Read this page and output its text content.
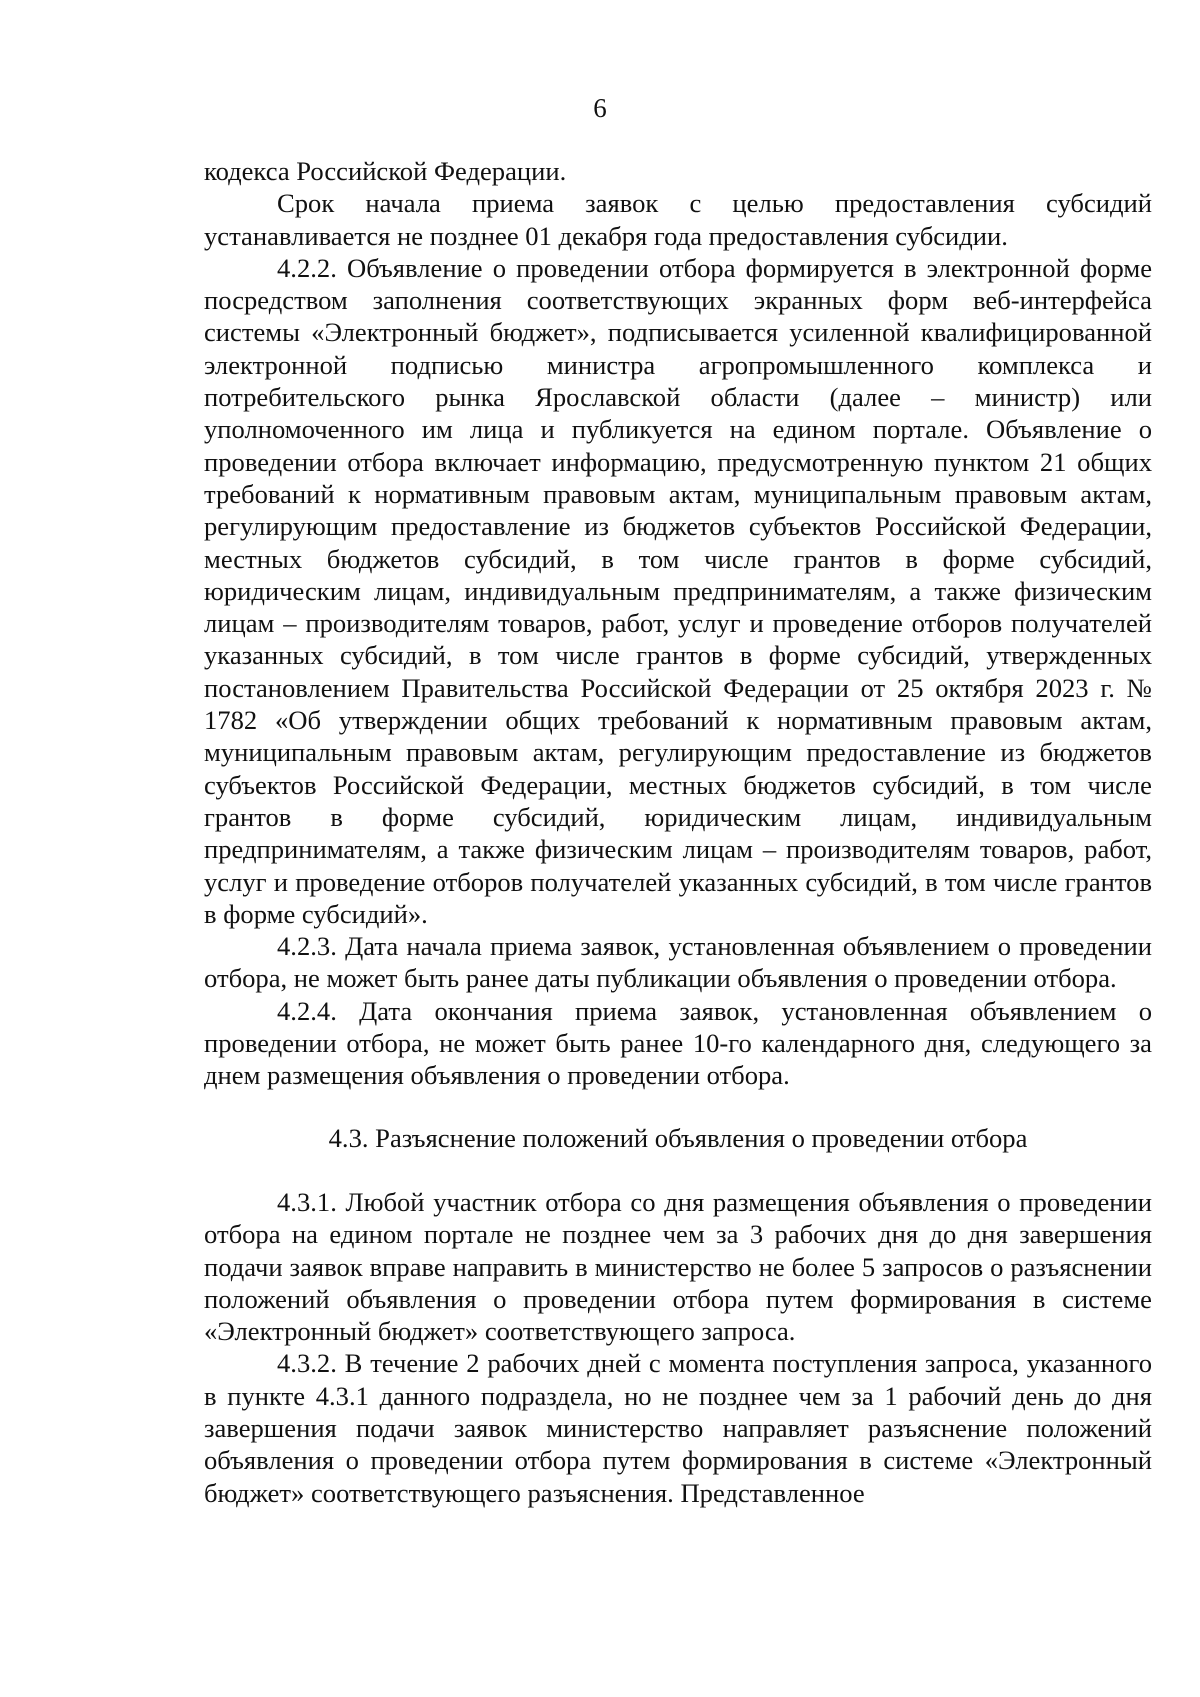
6

кодекса Российской Федерации.

Срок начала приема заявок с целью предоставления субсидий устанавливается не позднее 01 декабря года предоставления субсидии.

4.2.2. Объявление о проведении отбора формируется в электронной форме посредством заполнения соответствующих экранных форм веб-интерфейса системы «Электронный бюджет», подписывается усиленной квалифицированной электронной подписью министра агропромышленного комплекса и потребительского рынка Ярославской области (далее – министр) или уполномоченного им лица и публикуется на едином портале. Объявление о проведении отбора включает информацию, предусмотренную пунктом 21 общих требований к нормативным правовым актам, муниципальным правовым актам, регулирующим предоставление из бюджетов субъектов Российской Федерации, местных бюджетов субсидий, в том числе грантов в форме субсидий, юридическим лицам, индивидуальным предпринимателям, а также физическим лицам – производителям товаров, работ, услуг и проведение отборов получателей указанных субсидий, в том числе грантов в форме субсидий, утвержденных постановлением Правительства Российской Федерации от 25 октября 2023 г. № 1782 «Об утверждении общих требований к нормативным правовым актам, муниципальным правовым актам, регулирующим предоставление из бюджетов субъектов Российской Федерации, местных бюджетов субсидий, в том числе грантов в форме субсидий, юридическим лицам, индивидуальным предпринимателям, а также физическим лицам – производителям товаров, работ, услуг и проведение отборов получателей указанных субсидий, в том числе грантов в форме субсидий».

4.2.3. Дата начала приема заявок, установленная объявлением о проведении отбора, не может быть ранее даты публикации объявления о проведении отбора.

4.2.4. Дата окончания приема заявок, установленная объявлением о проведении отбора, не может быть ранее 10-го календарного дня, следующего за днем размещения объявления о проведении отбора.

4.3. Разъяснение положений объявления о проведении отбора

4.3.1. Любой участник отбора со дня размещения объявления о проведении отбора на едином портале не позднее чем за 3 рабочих дня до дня завершения подачи заявок вправе направить в министерство не более 5 запросов о разъяснении положений объявления о проведении отбора путем формирования в системе «Электронный бюджет» соответствующего запроса.

4.3.2. В течение 2 рабочих дней с момента поступления запроса, указанного в пункте 4.3.1 данного подраздела, но не позднее чем за 1 рабочий день до дня завершения подачи заявок министерство направляет разъяснение положений объявления о проведении отбора путем формирования в системе «Электронный бюджет» соответствующего разъяснения. Представленное
